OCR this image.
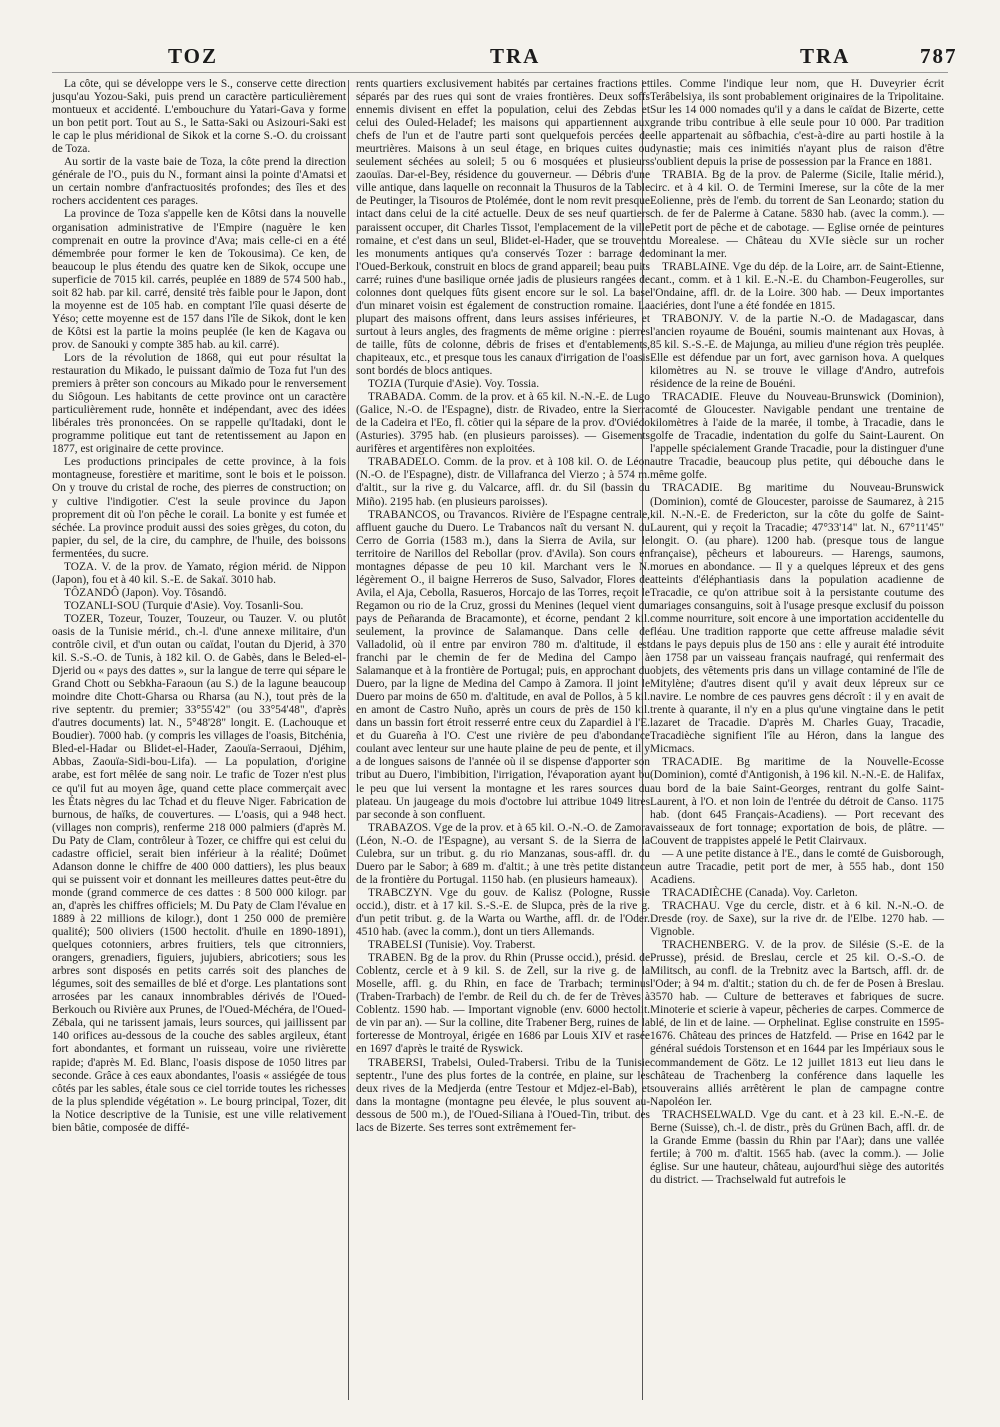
TOZ	TRA	TRA	787

La côte, qui se développe vers le S., conserve cette direction jusqu'au Yozou-Saki, puis prend un caractère particulièrement montueux et accidenté. L'embouchure du Yatari-Gava y forme un bon petit port. Tout au S., le Satta-Saki ou Asizouri-Saki est le cap le plus méridional de Sikok et la corne S.-O. du croissant de Toza.

Au sortir de la vaste baie de Toza, la côte prend la direction générale de l'O., puis du N., formant ainsi la pointe d'Amatsi et un certain nombre d'anfractuosités profondes; des îles et des rochers accidentent ces parages.

La province de Toza s'appelle ken de Kôtsi dans la nouvelle organisation administrative de l'Empire (naguère le ken comprenait en outre la province d'Ava; mais celle-ci en a été démembrée pour former le ken de Tokousima). Ce ken, de beaucoup le plus étendu des quatre ken de Sikok, occupe une superficie de 7015 kil. carrés, peuplée en 1889 de 574 500 hab., soit 82 hab. par kil. carré, densité très faible pour le Japon, dont la moyenne est de 105 hab. en comptant l'île quasi déserte de Yéso; cette moyenne est de 157 dans l'île de Sikok, dont le ken de Kôtsi est la partie la moins peuplée (le ken de Kagava ou prov. de Sanouki y compte 385 hab. au kil. carré).

Lors de la révolution de 1868, qui eut pour résultat la restauration du Mikado, le puissant daïmio de Toza fut l'un des premiers à prêter son concours au Mikado pour le renversement du Siôgoun. Les habitants de cette province ont un caractère particulièrement rude, honnête et indépendant, avec des idées libérales très prononcées. On se rappelle qu'Itadaki, dont le programme politique eut tant de retentissement au Japon en 1877, est originaire de cette province.

Les productions principales de cette province, à la fois montagneuse, forestière et maritime, sont le bois et le poisson. On y trouve du cristal de roche, des pierres de construction; on y cultive l'indigotier. C'est la seule province du Japon proprement dit où l'on pêche le corail. La bonite y est fumée et séchée. La province produit aussi des soies grèges, du coton, du papier, du sel, de la cire, du camphre, de l'huile, des boissons fermentées, du sucre.

TOZA. V. de la prov. de Yamato, région mérid. de Nippon (Japon), fou et à 40 kil. S.-E. de Sakaï. 3010 hab.

TÔZANDÔ (Japon). Voy. Tôsandô.

TOZANLI-SOU (Turquie d'Asie). Voy. Tosanli-Sou.

TOZER, Tozeur, Touzer, Touzeur, ou Tauzer. V. ou plutôt oasis de la Tunisie mérid., ch.-l. d'une annexe militaire, d'un contrôle civil, et d'un outan ou caïdat, l'outan du Djerid, à 370 kil. S.-S.-O. de Tunis, à 182 kil. O. de Gabès, dans le Beled-el-Djerid ou « pays des dattes », sur la langue de terre qui sépare le Grand Chott ou Sebkha-Faraoun (au S.) de la lagune beaucoup moindre dite Chott-Gharsa ou Rharsa (au N.), tout près de la rive septentr. du premier; 33°55'42" (ou 33°54'48", d'après d'autres documents) lat. N., 5°48'28" longit. E. (Lachouque et Boudier). 7000 hab. (y compris les villages de l'oasis, Bitchénia, Bled-el-Hadar ou Blidet-el-Hader, Zaouïa-Serraoui, Djéhim, Abbas, Zaouïa-Sidi-bou-Lifa). — La population, d'origine arabe, est fort mêlée de sang noir. Le trafic de Tozer n'est plus ce qu'il fut au moyen âge, quand cette place commerçait avec les États nègres du lac Tchad et du fleuve Niger. Fabrication de burnous, de haïks, de couvertures. — L'oasis, qui a 948 hect. (villages non compris), renferme 218 000 palmiers (d'après M. Du Paty de Clam, contrôleur à Tozer, ce chiffre qui est celui du cadastre officiel, serait bien inférieur à la réalité; Doûmet Adanson donne le chiffre de 400 000 dattiers), les plus beaux qui se puissent voir et donnant les meilleures dattes peut-être du monde (grand commerce de ces dattes : 8 500 000 kilogr. par an, d'après les chiffres officiels; M. Du Paty de Clam l'évalue en 1889 à 22 millions de kilogr.), dont 1 250 000 de première qualité); 500 oliviers (1500 hectolit. d'huile en 1890-1891), quelques cotonniers, arbres fruitiers, tels que citronniers, orangers, grenadiers, figuiers, jujubiers, abricotiers; sous les arbres sont disposés en petits carrés soit des planches de légumes, soit des semailles de blé et d'orge. Les plantations sont arrosées par les canaux innombrables dérivés de l'Oued-Berkouch ou Rivière aux Prunes, de l'Oued-Méchéra, de l'Oued-Zébala, qui ne tarissent jamais, leurs sources, qui jaillissent par 140 orifices au-dessous de la couche des sables argileux, étant fort abondantes, et formant un ruisseau, voire une rivièrette rapide; d'après M. Ed. Blanc, l'oasis dispose de 1050 litres par seconde. Grâce à ces eaux abondantes, l'oasis « assiégée de tous côtés par les sables, étale sous ce ciel torride toutes les richesses de la plus splendide végétation ». Le bourg principal, Tozer, dit la Notice descriptive de la Tunisie, est une ville relativement bien bâtie, composée de diffé-

rents quartiers exclusivement habités par certaines fractions et séparés par des rues qui sont de vraies frontières. Deux soffs ennemis divisent en effet la population, celui des Zebdas et celui des Ouled-Heladef; les maisons qui appartiennent aux chefs de l'un et de l'autre parti sont quelquefois percées de meurtrières. Maisons à un seul étage, en briques cuites ou seulement séchées au soleil; 5 ou 6 mosquées et plusieurs zaouïas. Dar-el-Bey, résidence du gouverneur. — Débris d'une ville antique, dans laquelle on reconnait la Thusuros de la Table de Peutinger, la Tisouros de Ptolémée, dont le nom revit presque intact dans celui de la cité actuelle. Deux de ses neuf quartiers paraissent occuper, dit Charles Tissot, l'emplacement de la ville romaine, et c'est dans un seul, Blidet-el-Hader, que se trouvent les monuments antiques qu'a conservés Tozer : barrage de l'Oued-Berkouk, construit en blocs de grand appareil; beau puits carré; ruines d'une basilique ornée jadis de plusieurs rangées de colonnes dont quelques fûts gisent encore sur le sol. La base d'un minaret voisin est également de construction romaine. La plupart des maisons offrent, dans leurs assises inférieures, et surtout à leurs angles, des fragments de même origine : pierres de taille, fûts de colonne, débris de frises et d'entablements, chapiteaux, etc., et presque tous les canaux d'irrigation de l'oasis sont bordés de blocs antiques.

TOZIA (Turquie d'Asie). Voy. Tossia.

TRABADA. Comm. de la prov. et à 65 kil. N.-N.-E. de Lugo (Galice, N.-O. de l'Espagne), distr. de Rivadeo, entre la Sierra de la Cadeira et l'Eo, fl. côtier qui la sépare de la prov. d'Oviédo (Asturies). 3795 hab. (en plusieurs paroisses). — Gisements aurifères et argentifères non exploitées.

TRABADELO. Comm. de la prov. et à 108 kil. O. de Léon (N.-O. de l'Espagne), distr. de Villafranca del Vierzo ; à 574 m. d'altit., sur la rive g. du Valcarce, affl. dr. du Sil (bassin du Miño). 2195 hab. (en plusieurs paroisses).

TRABANCOS, ou Travancos. Rivière de l'Espagne centrale, affluent gauche du Duero. Le Trabancos naît du versant N. du Cerro de Gorria (1583 m.), dans la Sierra de Avila, sur le territoire de Narillos del Rebollar (prov. d'Avila). Son cours en montagnes dépasse de peu 10 kil. Marchant vers le N. légèrement O., il baigne Herreros de Suso, Salvador, Flores de Avila, el Aja, Cebolla, Rasueros, Horcajo de las Torres, reçoit le Regamon ou rio de la Cruz, grossi du Menines (lequel vient du pays de Peñaranda de Bracamonte), et écorne, pendant 2 kil. seulement, la province de Salamanque. Dans celle de Valladolid, où il entre par environ 780 m. d'altitude, il est franchi par le chemin de fer de Medina del Campo à Salamanque et à la frontière de Portugal; puis, en approchant du Duero, par la ligne de Medina del Campo à Zamora. Il joint le Duero par moins de 650 m. d'altitude, en aval de Pollos, à 5 kil. en amont de Castro Nuño, après un cours de près de 150 kil. dans un bassin fort étroit resserré entre ceux du Zapardiel à l'E. et du Guareña à l'O. C'est une rivière de peu d'abondance coulant avec lenteur sur une haute plaine de peu de pente, et il y a de longues saisons de l'année où il se dispense d'apporter son tribut au Duero, l'imbibition, l'irrigation, l'évaporation ayant bu le peu que lui versent la montagne et les rares sources du plateau. Un jaugeage du mois d'octobre lui attribue 1049 litres par seconde à son confluent.

TRABAZOS. Vge de la prov. et à 65 kil. O.-N.-O. de Zamora (Léon, N.-O. de l'Espagne), au versant S. de la Sierra de la Culebra, sur un tribut. g. du rio Manzanas, sous-affl. dr. du Duero par le Sabor; à 689 m. d'altit.; à une très petite distance de la frontière du Portugal. 1150 hab. (en plusieurs hameaux).

TRABCZYN. Vge du gouv. de Kalisz (Pologne, Russie occid.), distr. et à 17 kil. S.-S.-E. de Slupca, près de la rive g. d'un petit tribut. g. de la Warta ou Warthe, affl. dr. de l'Oder. 4510 hab. (avec la comm.), dont un tiers Allemands.

TRABELSI (Tunisie). Voy. Traberst.

TRABEN. Bg de la prov. du Rhin (Prusse occid.), présid. de Coblentz, cercle et à 9 kil. S. de Zell, sur la rive g. de la Moselle, affl. g. du Rhin, en face de Trarbach; terminus (Traben-Trarbach) de l'embr. de Reil du ch. de fer de Trèves à Coblentz. 1590 hab. — Important vignoble (env. 6000 hectolit. de vin par an). — Sur la colline, dite Trabener Berg, ruines de la forteresse de Montroyal, érigée en 1686 par Louis XIV et rasée en 1697 d'après le traité de Ryswick.

TRABERSI, Trabelsi, Ouled-Trabersi. Tribu de la Tunisie septentr., l'une des plus fortes de la contrée, en plaine, sur les deux rives de la Medjerda (entre Testour et Mdjez-el-Bab), et dans la montagne (montagne peu élevée, le plus souvent au-dessous de 500 m.), de l'Oued-Siliana à l'Oued-Tin, tribut. des lacs de Bizerte. Ses terres sont extrêmement fer-

tiles. Comme l'indique leur nom, que H. Duveyrier écrit Terâbelsiya, ils sont probablement originaires de la Tripolitaine. Sur les 14 000 nomades qu'il y a dans le caïdat de Bizerte, cette grande tribu contribue à elle seule pour 10 000. Par tradition elle appartenait au sôfbachia, c'est-à-dire au parti hostile à la dynastie; mais ces inimitiés n'ayant plus de raison d'être s'oublient depuis la prise de possession par la France en 1881.

TRABIA. Bg de la prov. de Palerme (Sicile, Italie mérid.), circ. et à 4 kil. O. de Termini Imerese, sur la côte de la mer Eolienne, près de l'emb. du torrent de San Leonardo; station du ch. de fer de Palerme à Catane. 5830 hab. (avec la comm.). — Petit port de pêche et de cabotage. — Eglise ornée de peintures du Morealese. — Château du XVIe siècle sur un rocher dominant la mer.

TRABLAINE. Vge du dép. de la Loire, arr. de Saint-Etienne, cant., comm. et à 1 kil. E.-N.-E. du Chambon-Feugerolles, sur l'Ondaine, affl. dr. de la Loire. 300 hab. — Deux importantes aciéries, dont l'une a été fondée en 1815.

TRABONJY. V. de la partie N.-O. de Madagascar, dans l'ancien royaume de Bouéni, soumis maintenant aux Hovas, à 85 kil. S.-S.-E. de Majunga, au milieu d'une région très peuplée. Elle est défendue par un fort, avec garnison hova. A quelques kilomètres au N. se trouve le village d'Andro, autrefois résidence de la reine de Bouéni.

TRACADIE. Fleuve du Nouveau-Brunswick (Dominion), comté de Gloucester. Navigable pendant une trentaine de kilomètres à l'aide de la marée, il tombe, à Tracadie, dans le golfe de Tracadie, indentation du golfe du Saint-Laurent. On l'appelle spécialement Grande Tracadie, pour la distinguer d'une autre Tracadie, beaucoup plus petite, qui débouche dans le même golfe.

TRACADIE. Bg maritime du Nouveau-Brunswick (Dominion), comté de Gloucester, paroisse de Saumarez, à 215 kil. N.-N.-E. de Fredericton, sur la côte du golfe de Saint-Laurent, qui y reçoit la Tracadie; 47°33'14" lat. N., 67°11'45" longit. O. (au phare). 1200 hab. (presque tous de langue française), pêcheurs et laboureurs. — Harengs, saumons, morues en abondance. — Il y a quelques lépreux et des gens atteints d'éléphantiasis dans la population acadienne de Tracadie, ce qu'on attribue soit à la persistante coutume des mariages consanguins, soit à l'usage presque exclusif du poisson comme nourriture, soit encore à une importation accidentelle du fléau. Une tradition rapporte que cette affreuse maladie sévit dans le pays depuis plus de 150 ans : elle y aurait été introduite en 1758 par un vaisseau français naufragé, qui renfermait des objets, des vêtements pris dans un village contaminé de l'île de Mitylène; d'autres disent qu'il y avait deux lépreux sur ce navire. Le nombre de ces pauvres gens décroît : il y en avait de trente à quarante, il n'y en a plus qu'une vingtaine dans le petit lazaret de Tracadie. D'après M. Charles Guay, Tracadie, Tracadièche signifient l'île au Héron, dans la langue des Micmacs.

TRACADIE. Bg maritime de la Nouvelle-Ecosse (Dominion), comté d'Antigonish, à 196 kil. N.-N.-E. de Halifax, au bord de la baie Saint-Georges, rentrant du golfe Saint-Laurent, à l'O. et non loin de l'entrée du détroit de Canso. 1175 hab. (dont 645 Français-Acadiens). — Port recevant des vaisseaux de fort tonnage; exportation de bois, de plâtre. — Couvent de trappistes appelé le Petit Clairvaux.

— A une petite distance à l'E., dans le comté de Guisborough, un autre Tracadie, petit port de mer, à 555 hab., dont 150 Acadiens.

TRACADIÈCHE (Canada). Voy. Carleton.

TRACHAU. Vge du cercle, distr. et à 6 kil. N.-N.-O. de Dresde (roy. de Saxe), sur la rive dr. de l'Elbe. 1270 hab. — Vignoble.

TRACHENBERG. V. de la prov. de Silésie (S.-E. de la Prusse), présid. de Breslau, cercle et 25 kil. O.-S.-O. de Militsch, au confl. de la Trebnitz avec la Bartsch, affl. dr. de l'Oder; à 94 m. d'altit.; station du ch. de fer de Posen à Breslau. 3570 hab. — Culture de betteraves et fabriques de sucre. Minoterie et scierie à vapeur, pêcheries de carpes. Commerce de blé, de lin et de laine. — Orphelinat. Eglise construite en 1595-1676. Château des princes de Hatzfeld. — Prise en 1642 par le général suédois Torstenson et en 1644 par les Impériaux sous le commandement de Götz. Le 12 juillet 1813 eut lieu dans le château de Trachenberg la conférence dans laquelle les souverains alliés arrêtèrent le plan de campagne contre Napoléon Ier.

TRACHSELWALD. Vge du cant. et à 23 kil. E.-N.-E. de Berne (Suisse), ch.-l. de distr., près du Grünen Bach, affl. dr. de la Grande Emme (bassin du Rhin par l'Aar); dans une vallée fertile; à 700 m. d'altit. 1565 hab. (avec la comm.). — Jolie église. Sur une hauteur, château, aujourd'hui siège des autorités du district. — Trachselwald fut autrefois le
